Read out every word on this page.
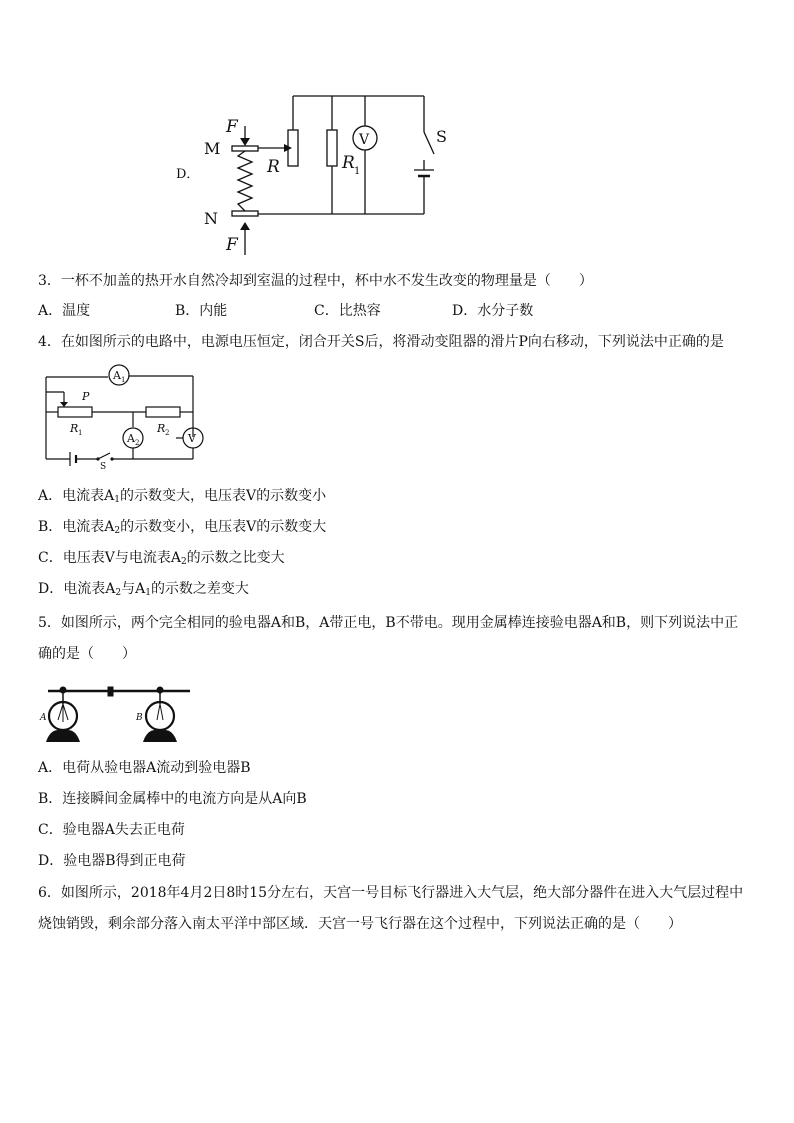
D．
F
M
N
F
R	R 1
V	S
3．一杯不加盖的热开水自然冷却到室温的过程中，杯中水不发生改变的物理量是（　　）
A．温度	B．内能	C．比热容	D．水分子数
4．在如图所示的电路中，电源电压恒定，闭合开关S后，将滑动变阻器的滑片P向右移动，下列说法中正确的是
A 1
P
R 1	A 2
R 2 V
S
A．电流表$A_1$的示数变大，电压表V的示数变小
B．电流表$A_2$的示数变小，电压表V的示数变大
C．电压表V与电流表$A_2$的示数之比变大
D．电流表$A_2$与$A_1$的示数之差变大
5．如图所示，两个完全相同的验电器A和B，A带正电，B不带电。现用金属棒连接验电器A和B，则下列说法中正
确的是（　　）
A	B
A．电荷从验电器A流动到验电器B
B．连接瞬间金属棒中的电流方向是从A向B
C．验电器A失去正电荷
D．验电器B得到正电荷
6．如图所示，2018年4月2日8时15分左右，天宫一号目标飞行器进入大气层，绝大部分器件在进入大气层过程中
烧蚀销毁，剩余部分落入南太平洋中部区域．天宫一号飞行器在这个过程中，下列说法正确的是（　　）
